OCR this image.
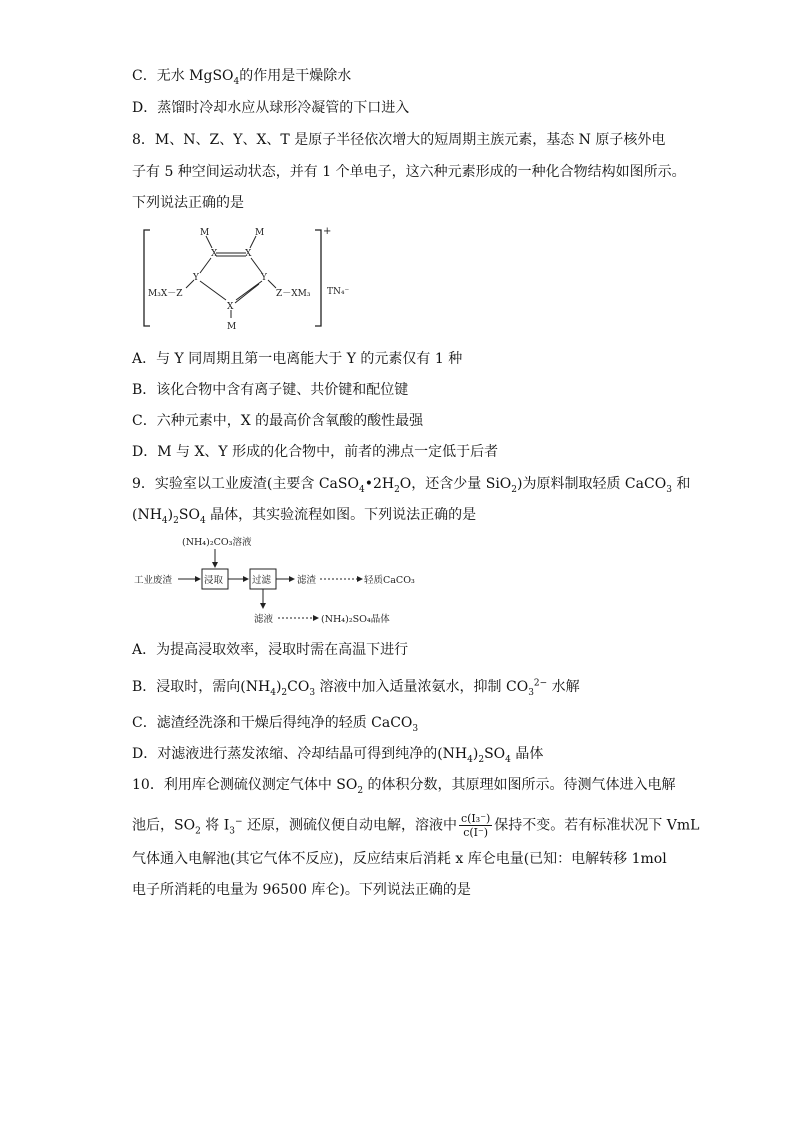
C．无水 MgSO$_4$的作用是干燥除水
D．蒸馏时冷却水应从球形冷凝管的下口进入
8．M、N、Z、Y、X、T 是原子半径依次增大的短周期主族元素，基态 N 原子核外电
子有 5 种空间运动状态，并有 1 个单电子，这六种元素形成的一种化合物结构如图所示。
下列说法正确的是
M	M
X	X
Y	Y
X
M
M₃X－Z	Z－XM₃
+
TN₄⁻
A．与 Y 同周期且第一电离能大于 Y 的元素仅有 1 种
B．该化合物中含有离子键、共价键和配位键
C．六种元素中，X 的最高价含氧酸的酸性最强
D．M 与 X、Y 形成的化合物中，前者的沸点一定低于后者
9．实验室以工业废渣(主要含 $CaSO_4•2H_2O$，还含少量 SiO$_2$)为原料制取轻质 CaCO$_3$ 和
$(NH_4)_2SO_4$ 晶体，其实验流程如图。下列说法正确的是
(NH₄)₂CO₃溶液
工业废渣	浸取	过滤	滤渣	轻质CaCO₃
滤液	(NH₄)₂SO₄晶体
A．为提高浸取效率，浸取时需在高温下进行
B．浸取时，需向$(NH_4)_2CO_3$ 溶液中加入适量浓氨水，抑制 $CO_3^{2-}$ 水解
C．滤渣经洗涤和干燥后得纯净的轻质 CaCO$_3$
D．对滤液进行蒸发浓缩、冷却结晶可得到纯净的$(NH_4)_2SO_4$ 晶体
10．利用库仑测硫仪测定气体中 $SO_2$ 的体积分数，其原理如图所示。待测气体进入电解
池后，$SO_2$ 将 $I_3^-$ 还原，测硫仪便自动电解，溶液中 $\frac{\text{c(I₃⁻)}}{c(I^-)}$ 保持不变。若有标准状况下 VmL
气体通入电解池(其它气体不反应)，反应结束后消耗 x 库仑电量(已知：电解转移 1mol
电子所消耗的电量为 96500 库仑)。下列说法正确的是
